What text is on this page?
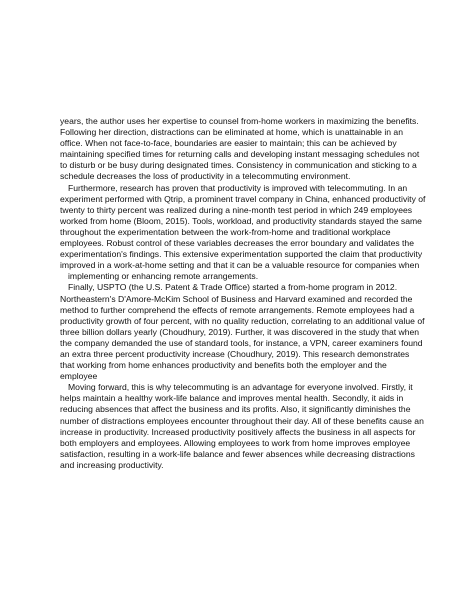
years, the author uses her expertise to counsel from-home workers in maximizing the benefits.
Following her direction, distractions can be eliminated at home, which is unattainable in an
office. When not face-to-face, boundaries are easier to maintain; this can be achieved by
maintaining specified times for returning calls and developing instant messaging schedules not
to disturb or be busy during designated times. Consistency in communication and sticking to a
schedule decreases the loss of productivity in a telecommuting environment.
Furthermore, research has proven that productivity is improved with telecommuting. In an
experiment performed with Qtrip, a prominent travel company in China, enhanced productivity of
twenty to thirty percent was realized during a nine-month test period in which 249 employees
worked from home (Bloom, 2015). Tools, workload, and productivity standards stayed the same
throughout the experimentation between the work-from-home and traditional workplace
employees. Robust control of these variables decreases the error boundary and validates the
experimentation's findings. This extensive experimentation supported the claim that productivity
improved in a work-at-home setting and that it can be a valuable resource for companies when
implementing or enhancing remote arrangements.
Finally, USPTO (the U.S. Patent & Trade Office) started a from-home program in 2012.
Northeastern's D'Amore-McKim School of Business and Harvard examined and recorded the
method to further comprehend the effects of remote arrangements. Remote employees had a
productivity growth of four percent, with no quality reduction, correlating to an additional value of
three billion dollars yearly (Choudhury, 2019). Further, it was discovered in the study that when
the company demanded the use of standard tools, for instance, a VPN, career examiners found
an extra three percent productivity increase (Choudhury, 2019). This research demonstrates
that working from home enhances productivity and benefits both the employer and the
employee
Moving forward, this is why telecommuting is an advantage for everyone involved. Firstly, it
helps maintain a healthy work-life balance and improves mental health. Secondly, it aids in
reducing absences that affect the business and its profits. Also, it significantly diminishes the
number of distractions employees encounter throughout their day. All of these benefits cause an
increase in productivity. Increased productivity positively affects the business in all aspects for
both employers and employees. Allowing employees to work from home improves employee
satisfaction, resulting in a work-life balance and fewer absences while decreasing distractions
and increasing productivity.
